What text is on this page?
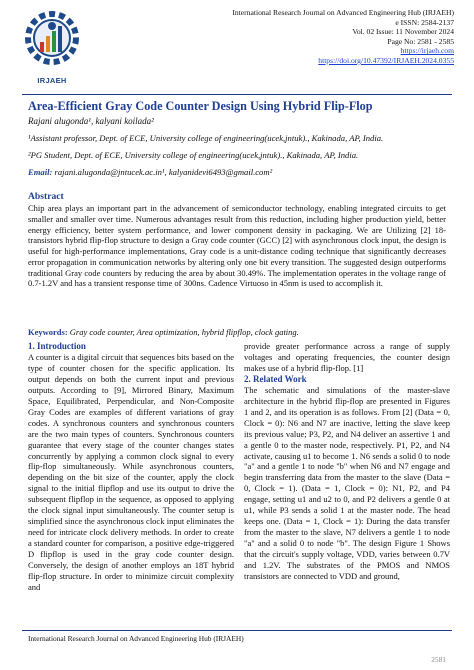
IRJAEH
International Research Journal on Advanced Engineering Hub (IRJAEH)
e ISSN: 2584-2137
Vol. 02 Issue: 11 November 2024
Page No: 2581 - 2585
https://irjaeh.com
https://doi.org/10.47392/IRJAEH.2024.0355
Area-Efficient Gray Code Counter Design Using Hybrid Flip-Flop
Rajani alugonda¹, kalyani koilada²
¹Assistant professor, Dept. of ECE, University college of engineering(ucek,jntuk)., Kakinada, AP, India.
²PG Student, Dept. of ECE, University college of engineering(ucek,jntuk)., Kakinada, AP, India.
Email: rajani.alugonda@jntucek.ac.in¹, kalyanidevi6493@gmail.com²
Abstract
Chip area plays an important part in the advancement of semiconductor technology, enabling integrated circuits to get smaller and smaller over time. Numerous advantages result from this reduction, including higher production yield, better energy efficiency, better system performance, and lower component density in packaging. We are Utilizing [2] 18-transistors hybrid flip-flop structure to design a Gray code counter (GCC) [2] with asynchronous clock input, the design is useful for high-performance implementations, Gray code is a unit-distance coding technique that significantly decreases error propagation in communication networks by altering only one bit every transition. The suggested design outperforms traditional Gray code counters by reducing the area by about 30.49%. The implementation operates in the voltage range of 0.7-1.2V and has a transient response time of 300ns. Cadence Virtuoso in 45nm is used to accomplish it.
Keywords: Gray code counter, Area optimization, hybrid flipflop, clock gating.
1. Introduction
A counter is a digital circuit that sequences bits based on the type of counter chosen for the specific application. Its output depends on both the current input and previous outputs. According to [9], Mirrored Binary, Maximum Space, Equilibrated, Perpendicular, and Non-Composite Gray Codes are examples of different variations of gray codes. A synchronous counters and synchronous counters are the two main types of counters. Synchronous counters guarantee that every stage of the counter changes states concurrently by applying a common clock signal to every flip-flop simultaneously. While asynchronous counters, depending on the bit size of the counter, apply the clock signal to the initial flipflop and use its output to drive the subsequent flipflop in the sequence, as opposed to applying the clock signal input simultaneously. The counter setup is simplified since the asynchronous clock input eliminates the need for intricate clock delivery methods. In order to create a standard counter for comparison, a positive edge-triggered D flipflop is used in the gray code counter design. Conversely, the design of another employs an 18T hybrid flip-flop structure. In order to minimize circuit complexity and
provide greater performance across a range of supply voltages and operating frequencies, the counter design makes use of a hybrid flip-flop. [1]
2. Related Work
The schematic and simulations of the master-slave architecture in the hybrid flip-flop are presented in Figures 1 and 2, and its operation is as follows. From [2] (Data = 0, Clock = 0): N6 and N7 are inactive, letting the slave keep its previous value; P3, P2, and N4 deliver an assertive 1 and a gentle 0 to the master node, respectively. P1, P2, and N4 activate, causing u1 to become 1. N6 sends a solid 0 to node "a" and a gentle 1 to node "b" when N6 and N7 engage and begin transferring data from the master to the slave (Data = 0, Clock = 1). (Data = 1, Clock = 0): N1, P2, and P4 engage, setting u1 and u2 to 0, and P2 delivers a gentle 0 at u1, while P3 sends a solid 1 at the master node. The head keeps one. (Data = 1, Clock = 1): During the data transfer from the master to the slave, N7 delivers a gentle 1 to node "a" and a solid 0 to node "b". The design Figure 1 Shows that the circuit's supply voltage, VDD, varies between 0.7V and 1.2V. The substrates of the PMOS and NMOS transistors are connected to VDD and ground,
International Research Journal on Advanced Engineering Hub (IRJAEH)
2581
